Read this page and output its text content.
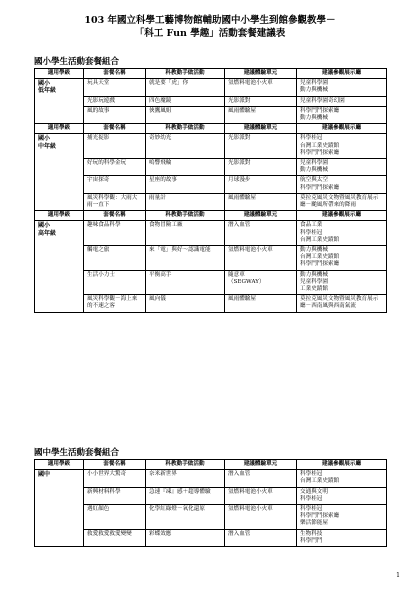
103 年國立科學工藝博物館輔助國中小學生到館參觀教學－
「科工 Fun 學趣」活動套餐建議表
國小學生活動套餐組合
適用學級	套餐名稱	科教動手做活動	建議體驗單元	建議參觀展示廳
國小
低年級	玩具天堂	就是要「虎」你	氫燃料電池小火車	兒童科學園
動力與機械
	光影玩遊戲	四色魔鏡	光影派對	兒童科學園奇幻園
	風的故事	俠鷹風姐	風雨體驗屋	科學鬥鬥探索廳
動力與機械
適用學級	套餐名稱	科教動手做活動	建議體驗單元	建議參觀展示廳
國小
中年級	捕光捉影	奇妙幼光	光影派對	科學桂冠
台灣工業史蹟館
科學鬥鬥探索廳
	好玩的科學金玩	嗚響飛輪	光影派對	兒童科學園
動力與機械
	宇宙探奇	星座的故事	月球漫步	航空與太空
科學鬥鬥探索廳
	風災科學觀：大雨大雨一直下	雨量計	風雨體驗屋	莫拉克風災文物暨風災教育展示廳－颱風所帶來的降雨
適用學級	套餐名稱	科教動手做活動	建議體驗單元	建議參觀展示廳
國小
高年級	趣味食品科學	食物冒險工廠	潛入血管	食品工業
科學桂冠
台灣工業史蹟館
	觸電之旅	來「電」與好～認識電能	氫燃料電池小火車	動力與機械
台灣工業史蹟館
科學鬥鬥探索廳
	生活小力士	平衡高手	隨意車
（SEGWAY）	動力與機械
兒童科學園
工業史蹟館
	風災科學觀－海上來的不速之客	風向儀	風雨體驗屋	莫拉克風災文物暨風災教育展示廳－西南風與西南氣流
國中學生活動套餐組合
適用學級	套餐名稱	科教動手做活動	建議體驗單元	建議參觀展示廳
國中	小小世界大驚奇	奈米新世界	潛入血管	科學桂冠
台灣工業史蹟館
	新興材料科學	急速『凍』感＋超導體驗	氫燃料電池小火車	交通與文明
科學桂冠
	遇紅顏色	化學紅綠燈－氧化還原	氫燃料電池小火車	科學桂冠
科學鬥鬥探索廳
樂活節能屋
	救愛救愛救愛變變	彩蝶效應	潛入血管	生物科技
科學鬥鬥
1
